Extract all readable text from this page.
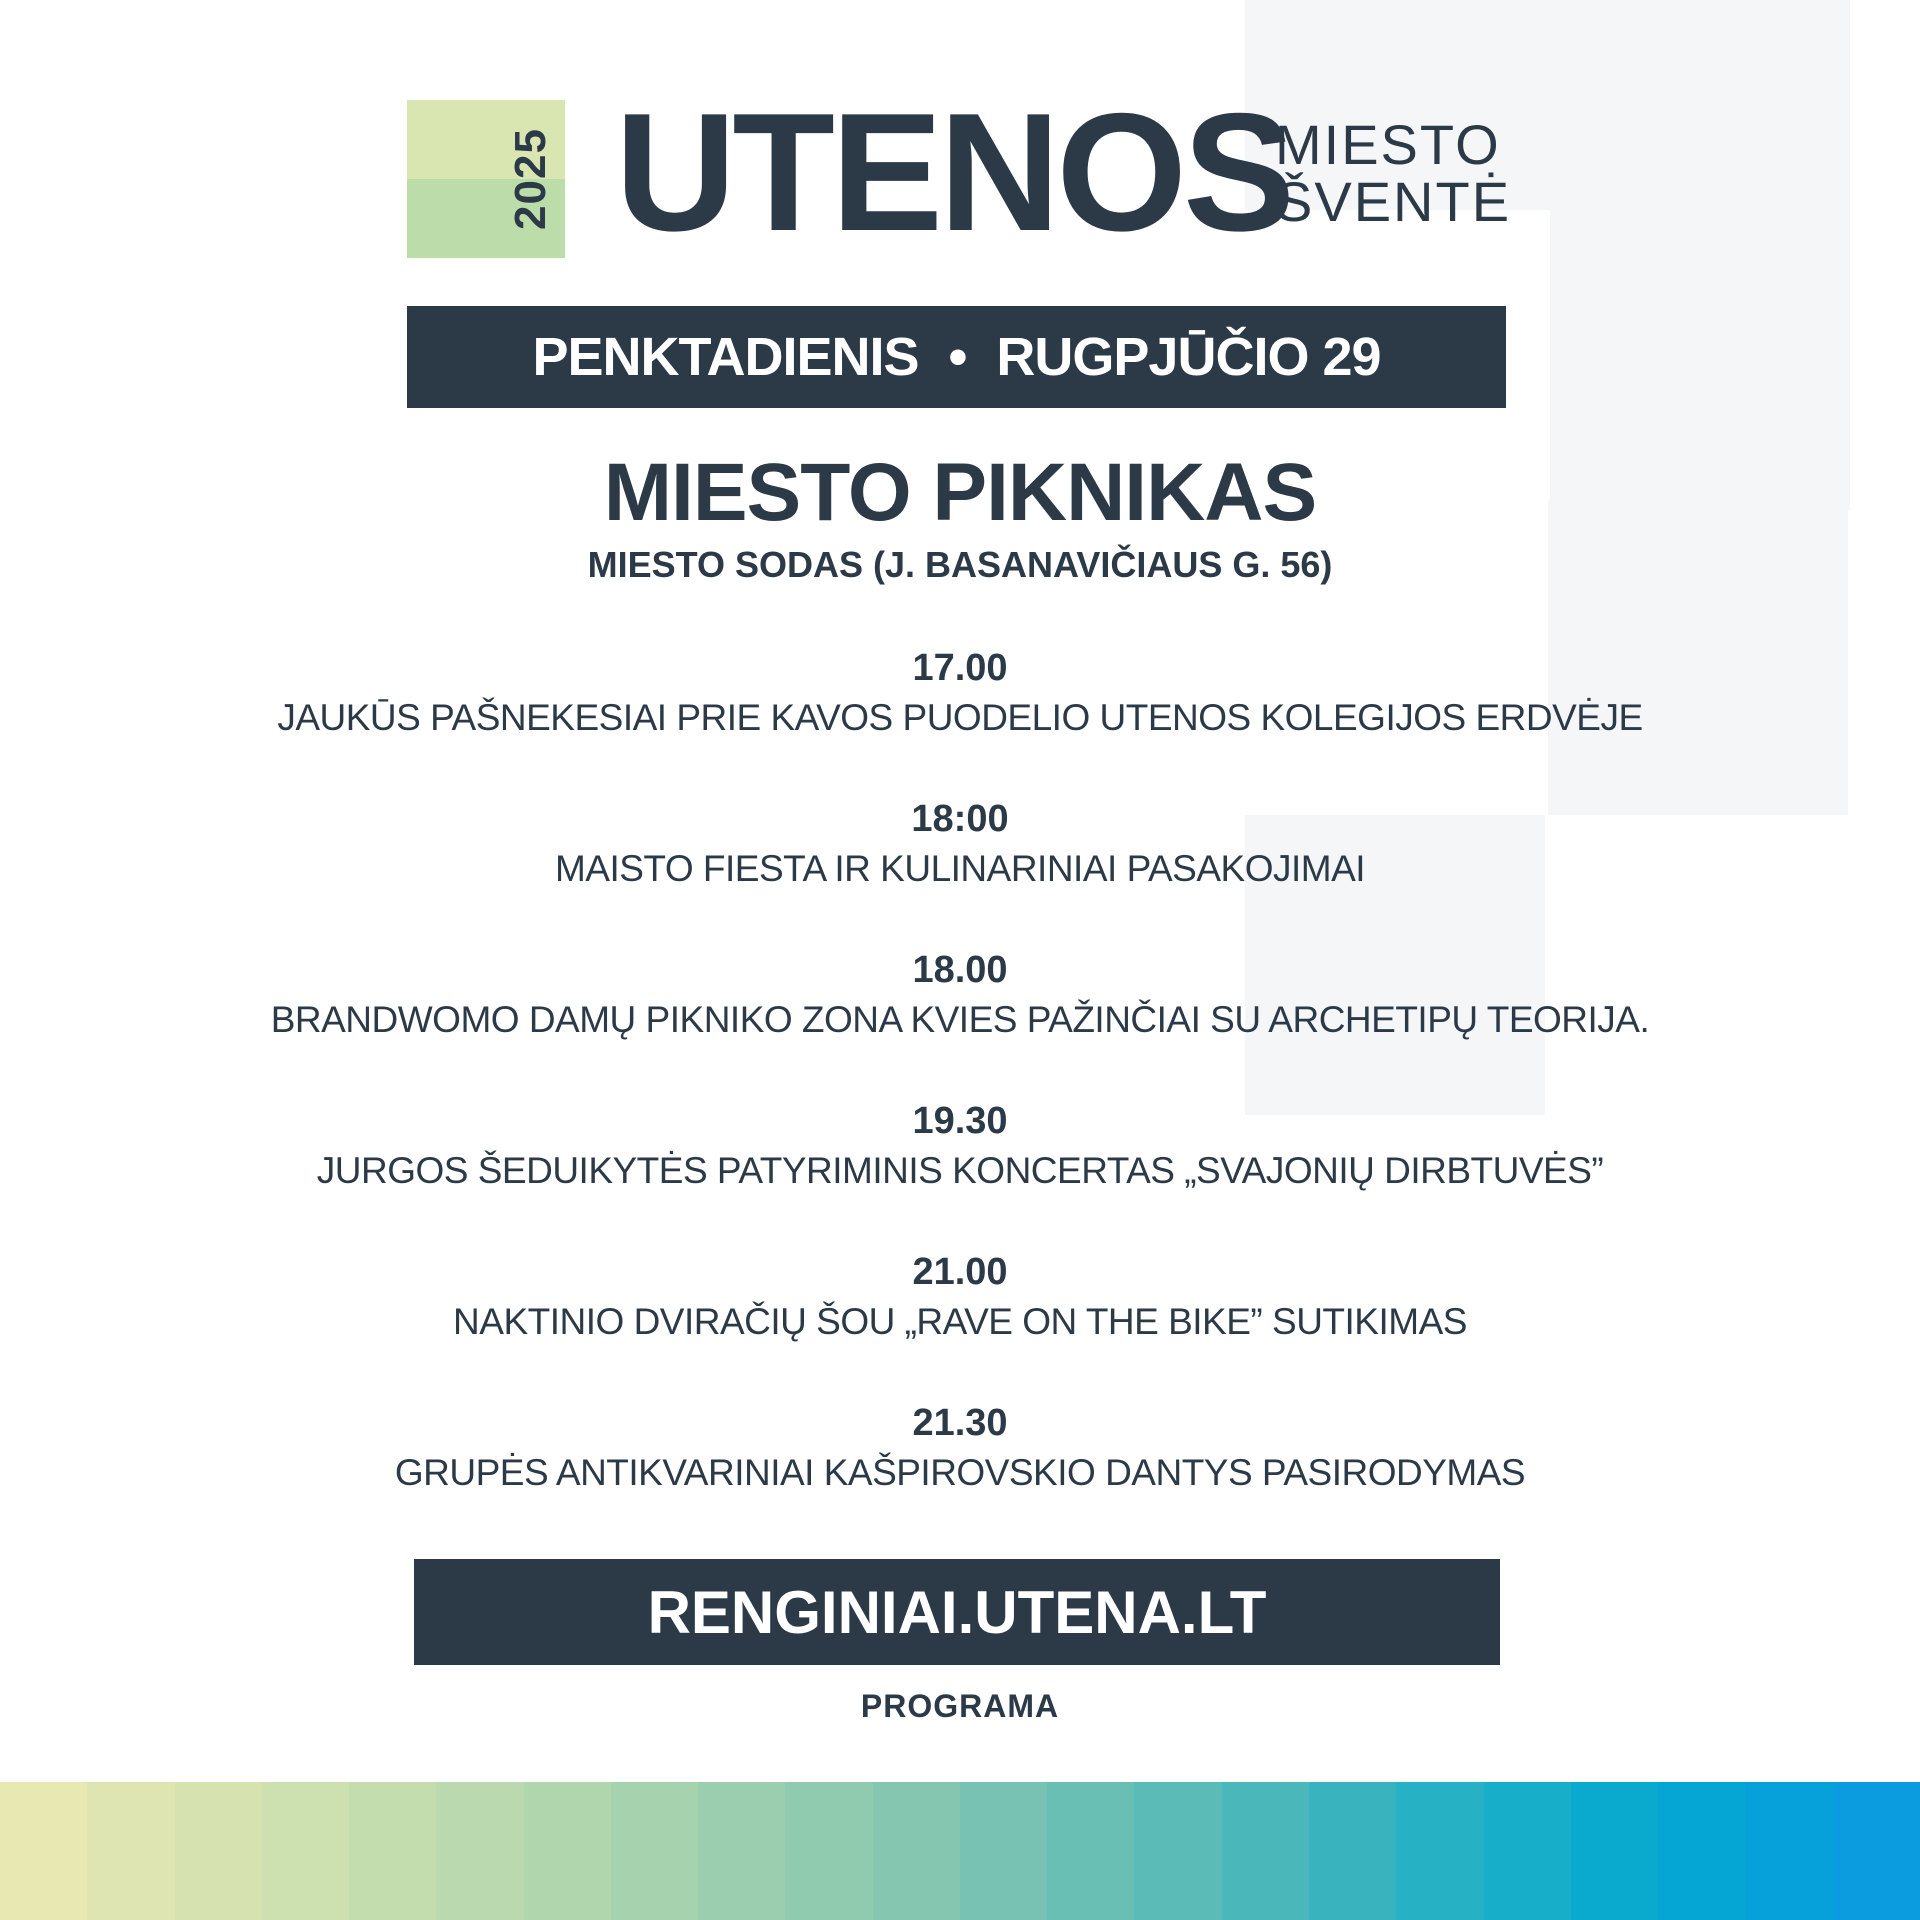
2025 UTENOS
MIESTO
ŠVENTĖ
PENKTADIENIS • RUGPJŪČIO 29
MIESTO PIKNIKAS
MIESTO SODAS (J. BASANAVIČIAUS G. 56)
17.00
JAUKŪS PAŠNEKESIAI PRIE KAVOS PUODELIO UTENOS KOLEGIJOS ERDVĖJE
18:00
MAISTO FIESTA IR KULINARINIAI PASAKOJIMAI
18.00
BRANDWOMO DAMŲ PIKNIKO ZONA KVIES PAŽINČIAI SU ARCHETIPŲ TEORIJA.
19.30
JURGOS ŠEDUIKYTĖS PATYRIMINIS KONCERTAS „SVAJONIŲ DIRBTUVĖS”
21.00
NAKTINIO DVIRAČIŲ ŠOU „RAVE ON THE BIKE” SUTIKIMAS
21.30
GRUPĖS ANTIKVARINIAI KAŠPIROVSKIO DANTYS PASIRODYMAS
RENGINIAI.UTENA.LT
PROGRAMA
